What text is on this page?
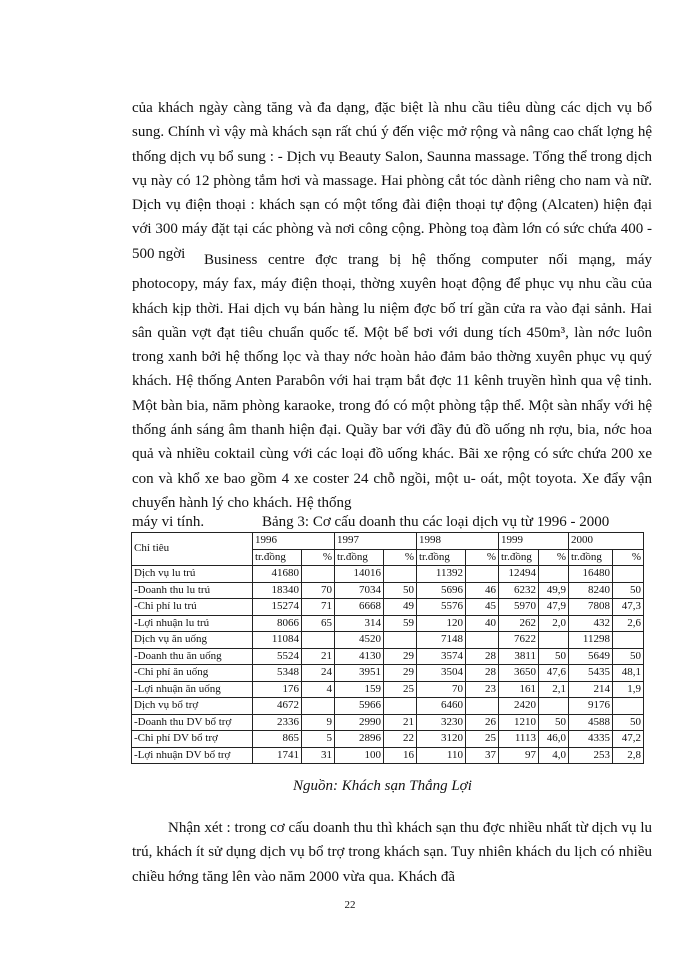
của khách ngày càng tăng và đa dạng, đặc biệt là nhu cầu tiêu dùng các dịch vụ bổ sung. Chính vì vậy mà khách sạn rất chú ý đến việc mở rộng và nâng cao chất lợng hệ thống dịch vụ bổ sung : - Dịch vụ Beauty Salon, Saunna massage. Tổng thể trong dịch vụ này có 12 phòng tắm hơi và massage. Hai phòng cắt tóc dành riêng cho nam và nữ. Dịch vụ điện thoại : khách sạn có một tổng đài điện thoại tự động (Alcaten) hiện đại với 300 máy đặt tại các phòng và nơi công cộng. Phòng toạ đàm lớn có sức chứa 400 - 500 ngời	Business centre đợc trang bị hệ thống computer nối mạng, máy photocopy, máy fax, máy điện thoại, thờng xuyên hoạt động để phục vụ nhu cầu của khách kịp thời. Hai dịch vụ bán hàng lu niệm đợc bố trí gần cửa ra vào đại sảnh. Hai sân quần vợt đạt tiêu chuẩn quốc tế. Một bể bơi với dung tích 450m³, làn nớc luôn trong xanh bởi hệ thống lọc và thay nớc hoàn hảo đảm bảo thờng xuyên phục vụ quý khách. Hệ thống Anten Parabôn với hai trạm bắt đợc 11 kênh truyền hình qua vệ tinh. Một bàn bia, năm phòng karaoke, trong đó có một phòng tập thể. Một sàn nhẩy với hệ thống ánh sáng âm thanh hiện đại. Quầy bar với đầy đủ đồ uống nh rợu, bia, nớc hoa quả và nhiều coktail cùng với các loại đồ uống khác. Bãi xe rộng có sức chứa 200 xe con và khổ xe bao gồm 4 xe coster 24 chỗ ngồi, một u- oát, một toyota. Xe đẩy vận chuyển hành lý cho khách. Hệ thống

máy vi tính.	Bảng 3: Cơ cấu doanh thu các loại dịch vụ từ 1996 - 2000
Chỉ tiêu	1996		1997		1998		1999		2000	
	tr.đồng	%	tr.đồng	%	tr.đồng	%	tr.đồng	%	tr.đồng	%
Dịch vụ lu trú	41680		14016		11392		12494		16480	
-Doanh thu lu trú	18340	70	7034	50	5696	46	6232	49,9	8240	50
-Chi phí lu trú	15274	71	6668	49	5576	45	5970	47,9	7808	47,3
-Lợi nhuận lu trú	8066	65	314	59	120	40	262	2,0	432	2,6
Dịch vụ ăn uống	11084		4520		7148		7622		11298	
-Doanh thu ăn uống	5524	21	4130	29	3574	28	3811	50	5649	50
-Chi phí ăn uống	5348	24	3951	29	3504	28	3650	47,6	5435	48,1
-Lợi nhuận ăn uống	176	4	159	25	70	23	161	2,1	214	1,9
Dịch vụ bổ trợ	4672		5966		6460		2420		9176	
-Doanh thu DV bổ trợ	2336	9	2990	21	3230	26	1210	50	4588	50
-Chi phí DV bổ trợ	865	5	2896	22	3120	25	1113	46,0	4335	47,2
-Lợi nhuận DV bổ trợ	1741	31	100	16	110	37	97	4,0	253	2,8
Nguồn: Khách sạn Thắng Lợi

Nhận xét : trong cơ cấu doanh thu thì khách sạn thu đợc nhiều nhất từ dịch vụ lu trú, khách ít sử dụng dịch vụ bổ trợ trong khách sạn. Tuy nhiên khách du lịch có nhiều chiều hớng tăng lên vào năm 2000 vừa qua. Khách đã

22
